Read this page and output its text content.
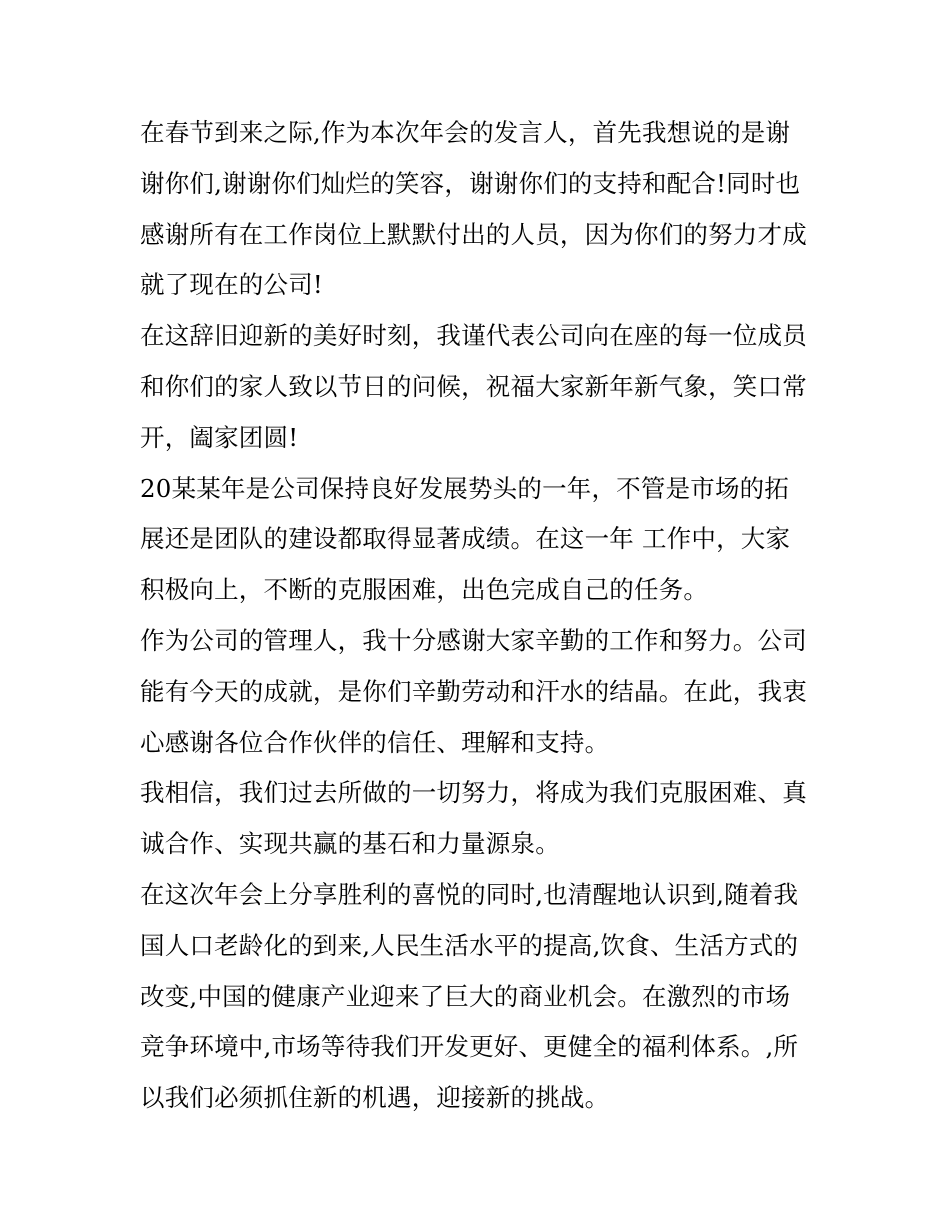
在春节到来之际,作为本次年会的发言人，首先我想说的是谢
谢你们,谢谢你们灿烂的笑容，谢谢你们的支持和配合!同时也
感谢所有在工作岗位上默默付出的人员，因为你们的努力才成
就了现在的公司!
在这辞旧迎新的美好时刻，我谨代表公司向在座的每一位成员
和你们的家人致以节日的问候，祝福大家新年新气象，笑口常
开，阖家团圆!
20某某年是公司保持良好发展势头的一年，不管是市场的拓
展还是团队的建设都取得显著成绩。在这一年 工作中，大家
积极向上，不断的克服困难，出色完成自己的任务。
作为公司的管理人，我十分感谢大家辛勤的工作和努力。公司
能有今天的成就，是你们辛勤劳动和汗水的结晶。在此，我衷
心感谢各位合作伙伴的信任、理解和支持。
我相信，我们过去所做的一切努力，将成为我们克服困难、真
诚合作、实现共赢的基石和力量源泉。
在这次年会上分享胜利的喜悦的同时,也清醒地认识到,随着我
国人口老龄化的到来,人民生活水平的提高,饮食、生活方式的
改变,中国的健康产业迎来了巨大的商业机会。在激烈的市场
竞争环境中,市场等待我们开发更好、更健全的福利体系。,所
以我们必须抓住新的机遇，迎接新的挑战。
